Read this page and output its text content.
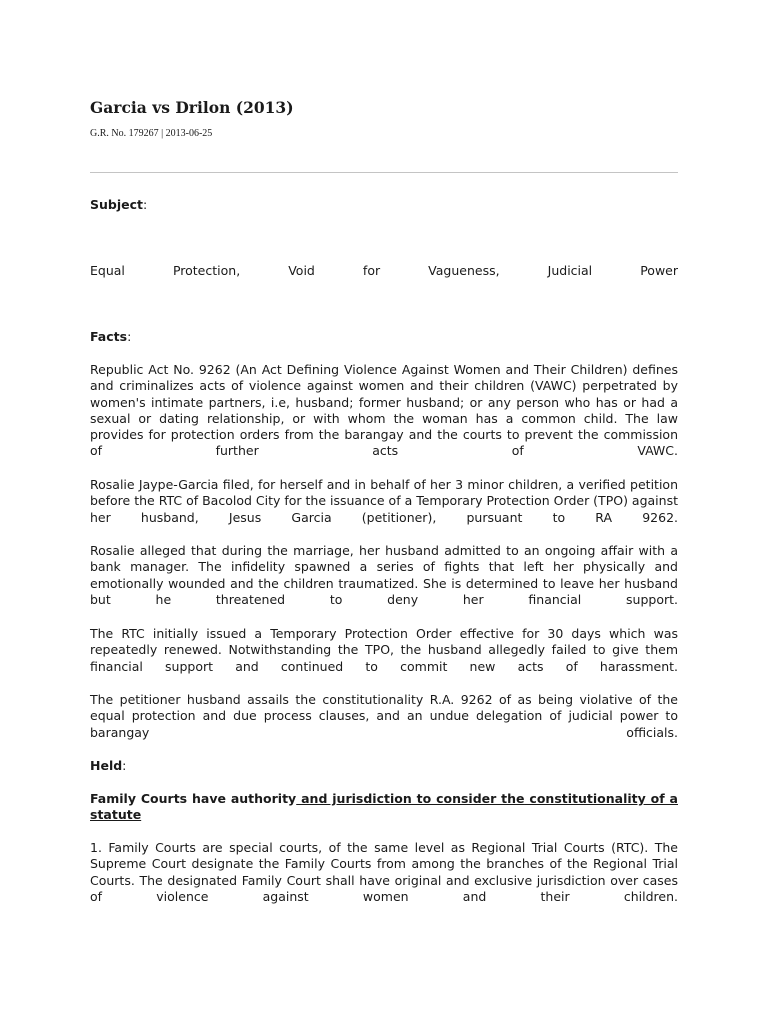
Garcia vs Drilon (2013)
G.R. No. 179267 | 2013-06-25

Subject:

Equal Protection, Void for Vagueness, Judicial Power

Facts:

Republic Act No. 9262 (An Act Defining Violence Against Women and Their Children) defines and criminalizes acts of violence against women and their children (VAWC) perpetrated by women's intimate partners, i.e, husband; former husband; or any person who has or had a sexual or dating relationship, or with whom the woman has a common child. The law provides for protection orders from the barangay and the courts to prevent the commission of further acts of VAWC.

Rosalie Jaype-Garcia filed, for herself and in behalf of her 3 minor children, a verified petition before the RTC of Bacolod City for the issuance of a Temporary Protection Order (TPO) against her husband, Jesus Garcia (petitioner), pursuant to RA 9262.

Rosalie alleged that during the marriage, her husband admitted to an ongoing affair with a bank manager. The infidelity spawned a series of fights that left her physically and emotionally wounded and the children traumatized. She is determined to leave her husband but he threatened to deny her financial support.

The RTC initially issued a Temporary Protection Order effective for 30 days which was repeatedly renewed. Notwithstanding the TPO, the husband allegedly failed to give them financial support and continued to commit new acts of harassment.

The petitioner husband assails the constitutionality R.A. 9262 of as being violative of the equal protection and due process clauses, and an undue delegation of judicial power to barangay officials.

Held:

Family Courts have authority and jurisdiction to consider the constitutionality of a statute

1. Family Courts are special courts, of the same level as Regional Trial Courts (RTC). The Supreme Court designate the Family Courts from among the branches of the Regional Trial Courts. The designated Family Court shall have original and exclusive jurisdiction over cases of violence against women and their children.
